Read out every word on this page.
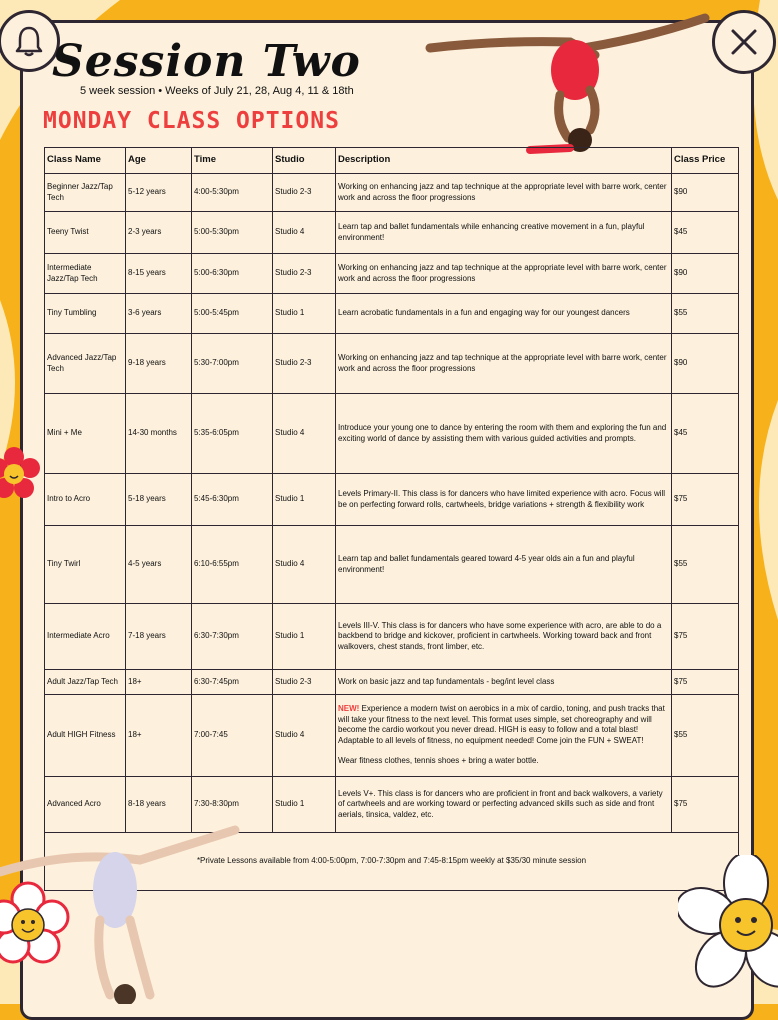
Session Two
5 week session • Weeks of July 21, 28, Aug 4, 11 & 18th
MONDAY CLASS OPTIONS
Class Name	Age	Time	Studio	Description	Class Price
Beginner Jazz/Tap Tech	5-12 years	4:00-5:30pm	Studio 2-3	Working on enhancing jazz and tap technique at the appropriate level with barre work, center work and across the floor progressions	$90
Teeny Twist	2-3 years	5:00-5:30pm	Studio 4	Learn tap and ballet fundamentals while enhancing creative movement in a fun, playful environment!	$45
Intermediate Jazz/Tap Tech	8-15 years	5:00-6:30pm	Studio 2-3	Working on enhancing jazz and tap technique at the appropriate level with barre work, center work and across the floor progressions	$90
Tiny Tumbling	3-6 years	5:00-5:45pm	Studio 1	Learn acrobatic fundamentals in a fun and engaging way for our youngest dancers	$55
Advanced Jazz/Tap Tech	9-18 years	5:30-7:00pm	Studio 2-3	Working on enhancing jazz and tap technique at the appropriate level with barre work, center work and across the floor progressions	$90
Mini + Me	14-30 months	5:35-6:05pm	Studio 4	Introduce your young one to dance by entering the room with them and exploring the fun and exciting world of dance by assisting them with various guided activities and prompts.	$45
Intro to Acro	5-18 years	5:45-6:30pm	Studio 1	Levels Primary-II. This class is for dancers who have limited experience with acro. Focus will be on perfecting forward rolls, cartwheels, bridge variations + strength & flexibility work	$75
Tiny Twirl	4-5 years	6:10-6:55pm	Studio 4	Learn tap and ballet fundamentals geared toward 4-5 year olds ain a fun and playful environment!	$55
Intermediate Acro	7-18 years	6:30-7:30pm	Studio 1	Levels III-V. This class is for dancers who have some experience with acro, are able to do a backbend to bridge and kickover, proficient in cartwheels. Working toward back and front walkovers, chest stands, front limber, etc.	$75
Adult Jazz/Tap Tech	18+	6:30-7:45pm	Studio 2-3	Work on basic jazz and tap fundamentals - beg/int level class	$75
Adult HIGH Fitness	18+	7:00-7:45	Studio 4	NEW! Experience a modern twist on aerobics in a mix of cardio, toning, and push tracks that will take your fitness to the next level. This format uses simple, set choreography and will become the cardio workout you never dread. HIGH is easy to follow and a total blast! Adaptable to all levels of fitness, no equipment needed! Come join the FUN + SWEAT!

Wear fitness clothes, tennis shoes + bring a water bottle.	$55
Advanced Acro	8-18 years	7:30-8:30pm	Studio 1	Levels V+. This class is for dancers who are proficient in front and back walkovers, a variety of cartwheels and are working toward or perfecting advanced skills such as side and front aerials, tinsica, valdez, etc.	$75
*Private Lessons available from 4:00-5:00pm, 7:00-7:30pm and 7:45-8:15pm weekly at $35/30 minute session					
